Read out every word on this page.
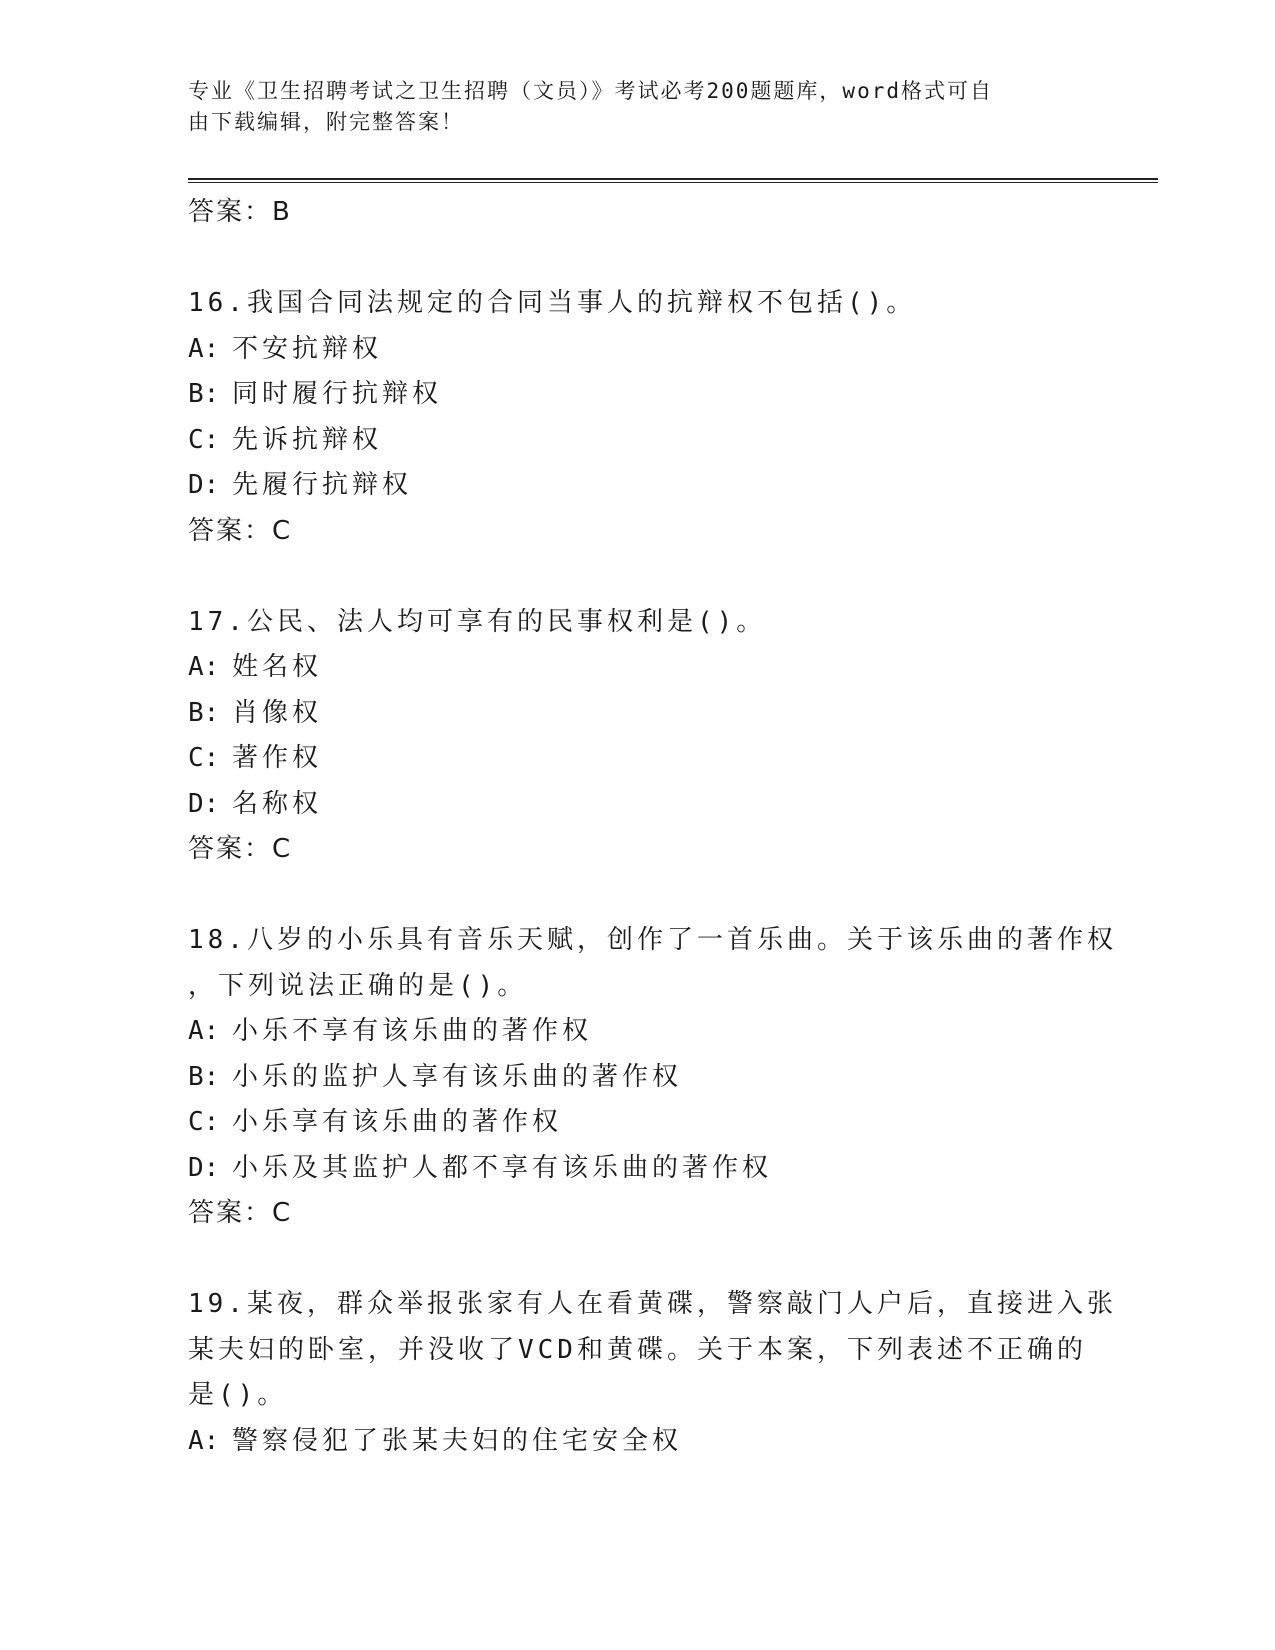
专业《卫生招聘考试之卫生招聘（文员）》考试必考200题题库，word格式可自
由下载编辑，附完整答案！
答案：B
16.我国合同法规定的合同当事人的抗辩权不包括()。
A: 不安抗辩权
B: 同时履行抗辩权
C: 先诉抗辩权
D: 先履行抗辩权
答案：C
17.公民、法人均可享有的民事权利是()。
A: 姓名权
B: 肖像权
C: 著作权
D: 名称权
答案：C
18.八岁的小乐具有音乐天赋，创作了一首乐曲。关于该乐曲的著作权
，下列说法正确的是()。
A: 小乐不享有该乐曲的著作权
B: 小乐的监护人享有该乐曲的著作权
C: 小乐享有该乐曲的著作权
D: 小乐及其监护人都不享有该乐曲的著作权
答案：C
19.某夜，群众举报张家有人在看黄碟，警察敲门人户后，直接进入张
某夫妇的卧室，并没收了VCD和黄碟。关于本案，下列表述不正确的
是()。
A: 警察侵犯了张某夫妇的住宅安全权
